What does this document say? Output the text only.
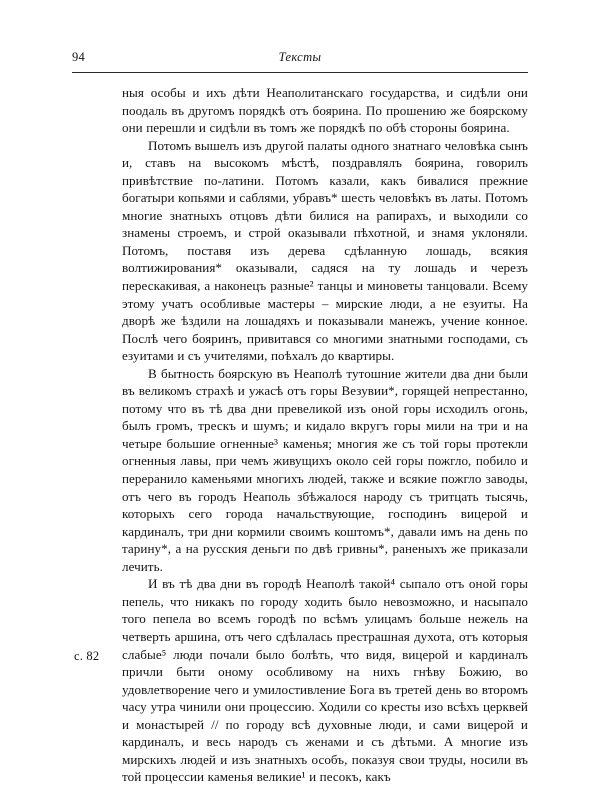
94	Тексты
с. 82

ныя особы и ихъ дѣти Неаполитанскаго государства, и сидѣли они поодаль въ другомъ порядкѣ отъ боярина. По прошению же боярскому они перешли и сидѣли въ томъ же порядкѣ по обѣ стороны боярина.

Потомъ вышелъ изъ другой палаты одного знатнаго человѣка сынъ и, ставъ на высокомъ мѣстѣ, поздравлялъ боярина, говорилъ привѣтствие по-латини. Потомъ казали, какъ бивалися прежние богатыри копьями и саблями, убравъ* шесть человѣкъ въ латы. Потомъ многие знатныхъ отцовъ дѣти билися на рапирахъ, и выходили со знамены строемъ, и строй оказывали пѣхотной, и знамя уклоняли. Потомъ, поставя изъ дерева сдѣланную лошадь, всякия волтижирования* оказывали, садяся на ту лошадь и черезъ перескакивая, а наконецъ разные² танцы и миноветы танцовали. Всему этому учатъ особливые мастеры – мирские люди, а не езуиты. На дворѣ же ѣздили на лошадяхъ и показывали манежъ, учение конное. Послѣ чего бояринъ, привитався со многими знатными господами, съ езуитами и съ учителями, поѣхалъ до квартиры.

В бытность боярскую въ Неаполѣ тутошние жители два дни были въ великомъ страхѣ и ужасѣ отъ горы Везувии*, горящей непрестанно, потому что въ тѣ два дни превеликой изъ оной горы исходилъ огонь, былъ громъ, трескъ и шумъ; и кидало вкругъ горы мили на три и на четыре большие огненные³ каменья; многия же съ той горы протекли огненныя лавы, при чемъ живущихъ около сей горы пожгло, побило и переранило каменьями многихъ людей, также и всякие пожгло заводы, отъ чего въ городъ Неаполь збѣжалося народу съ тритцать тысячь, которыхъ сего города начальствующие, господинъ вицерой и кардиналъ, три дни кормили своимъ коштомъ*, давали имъ на день по тарину*, а на русския деньги по двѣ гривны*, раненыхъ же приказали лечить.

И въ тѣ два дни въ городѣ Неаполѣ такой⁴ сыпало отъ оной горы пепель, что никакъ по городу ходить было невозможно, и насыпало того пепела во всемъ городѣ по всѣмъ улицамъ больше нежель на четверть аршина, отъ чего сдѣлалась престрашная духота, отъ которыя слабые⁵ люди почали было болѣть, что видя, вицерой и кардиналъ причли быти оному особливому на нихъ гнѣву Божию, во удовлетворение чего и умилостивление Бога въ третей день во второмъ часу утра чинили они процессию. Ходили со кресты изо всѣхъ церквей и монастырей // по городу всѣ духовные люди, и сами вицерой и кардиналъ, и весь народъ съ женами и съ дѣтьми. А многие изъ мирскихъ людей и изъ знатныхъ особъ, показуя свои труды, носили въ той процессии каменья великие¹ и песокъ, какъ
